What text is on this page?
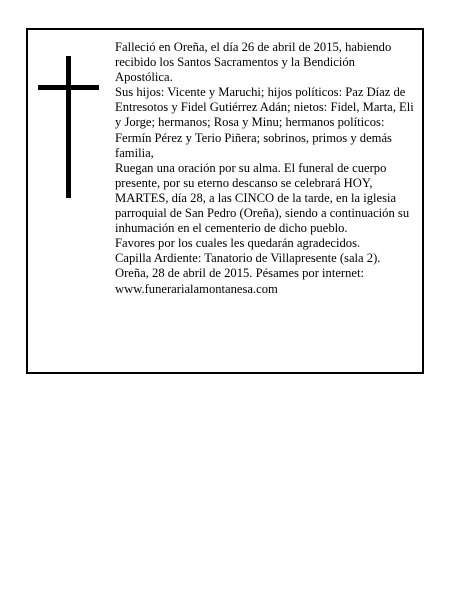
Falleció en Oreña, el día 26 de abril de 2015, habiendo recibido los Santos Sacramentos y la Bendición Apostólica.

Sus hijos: Vicente y Maruchi; hijos políticos: Paz Díaz de Entresotos y Fidel Gutiérrez Adán; nietos: Fidel, Marta, Eli y Jorge; hermanos; Rosa y Minu; hermanos políticos: Fermín Pérez y Terio Piñera; sobrinos, primos y demás familia,

Ruegan una oración por su alma. El funeral de cuerpo presente, por su eterno descanso se celebrará HOY, MARTES, día 28, a las CINCO de la tarde, en la iglesia parroquial de San Pedro (Oreña), siendo a continuación su inhumación en el cementerio de dicho pueblo.

Favores por los cuales les quedarán agradecidos.

Capilla Ardiente: Tanatorio de Villapresente (sala 2).

Oreña, 28 de abril de 2015. Pésames por internet: www.funerarialamontanesa.com
